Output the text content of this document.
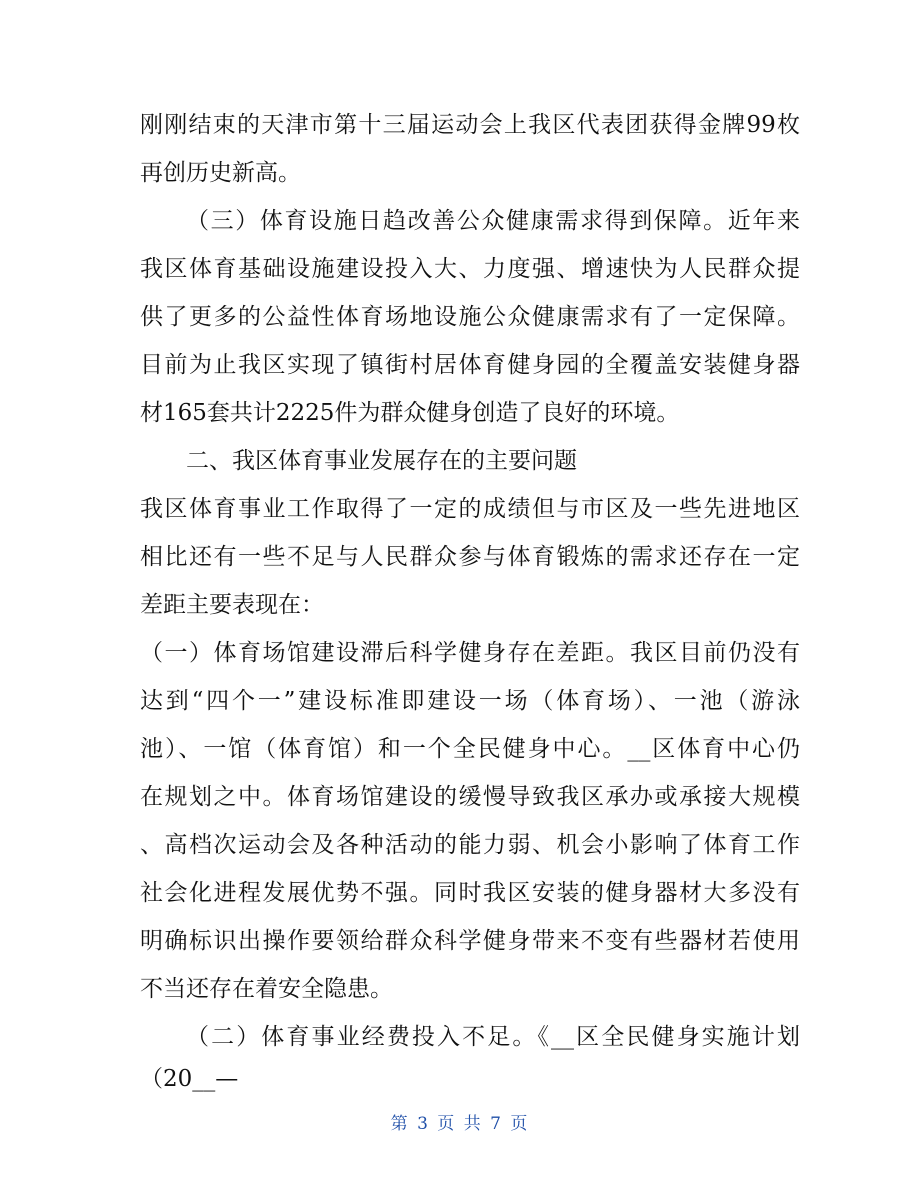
刚刚结束的天津市第十三届运动会上我区代表团获得金牌99枚
再创历史新高。
（三）体育设施日趋改善公众健康需求得到保障。近年来
我区体育基础设施建设投入大、力度强、增速快为人民群众提
供了更多的公益性体育场地设施公众健康需求有了一定保障。
目前为止我区实现了镇街村居体育健身园的全覆盖安装健身器
材165套共计2225件为群众健身创造了良好的环境。
二、我区体育事业发展存在的主要问题
我区体育事业工作取得了一定的成绩但与市区及一些先进地区
相比还有一些不足与人民群众参与体育锻炼的需求还存在一定
差距主要表现在：
（一）体育场馆建设滞后科学健身存在差距。我区目前仍没有
达到“四个一”建设标准即建设一场（体育场）、一池（游泳
池）、一馆（体育馆）和一个全民健身中心。__区体育中心仍
在规划之中。体育场馆建设的缓慢导致我区承办或承接大规模
、高档次运动会及各种活动的能力弱、机会小影响了体育工作
社会化进程发展优势不强。同时我区安装的健身器材大多没有
明确标识出操作要领给群众科学健身带来不变有些器材若使用
不当还存在着安全隐患。
（二）体育事业经费投入不足。《__区全民健身实施计划
（20__—
第 3 页 共 7 页
